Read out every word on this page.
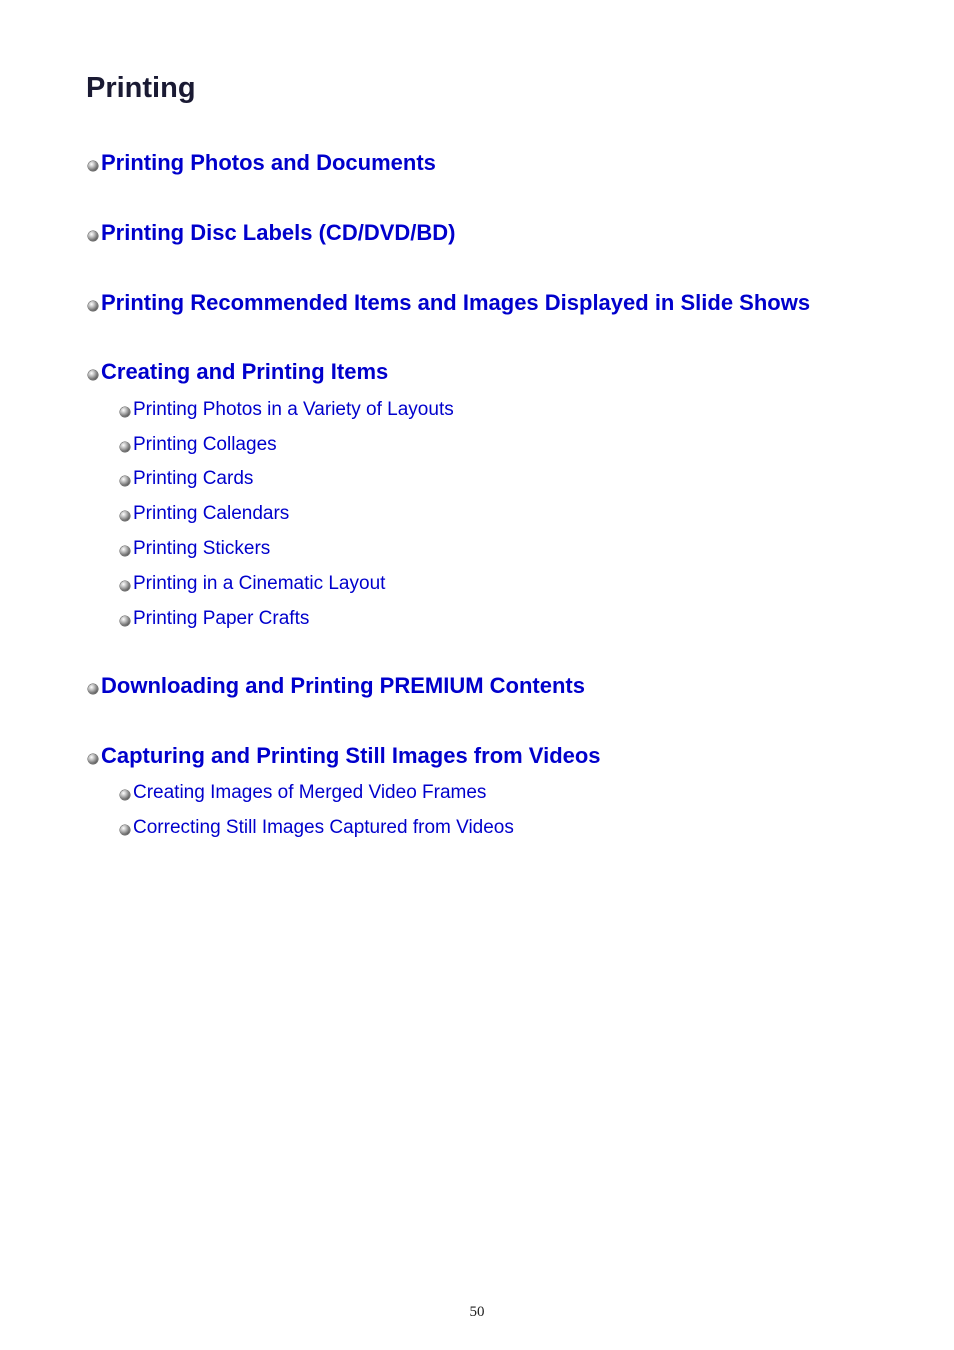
Printing
Printing Photos and Documents
Printing Disc Labels (CD/DVD/BD)
Printing Recommended Items and Images Displayed in Slide Shows
Creating and Printing Items
Printing Photos in a Variety of Layouts
Printing Collages
Printing Cards
Printing Calendars
Printing Stickers
Printing in a Cinematic Layout
Printing Paper Crafts
Downloading and Printing PREMIUM Contents
Capturing and Printing Still Images from Videos
Creating Images of Merged Video Frames
Correcting Still Images Captured from Videos
50
